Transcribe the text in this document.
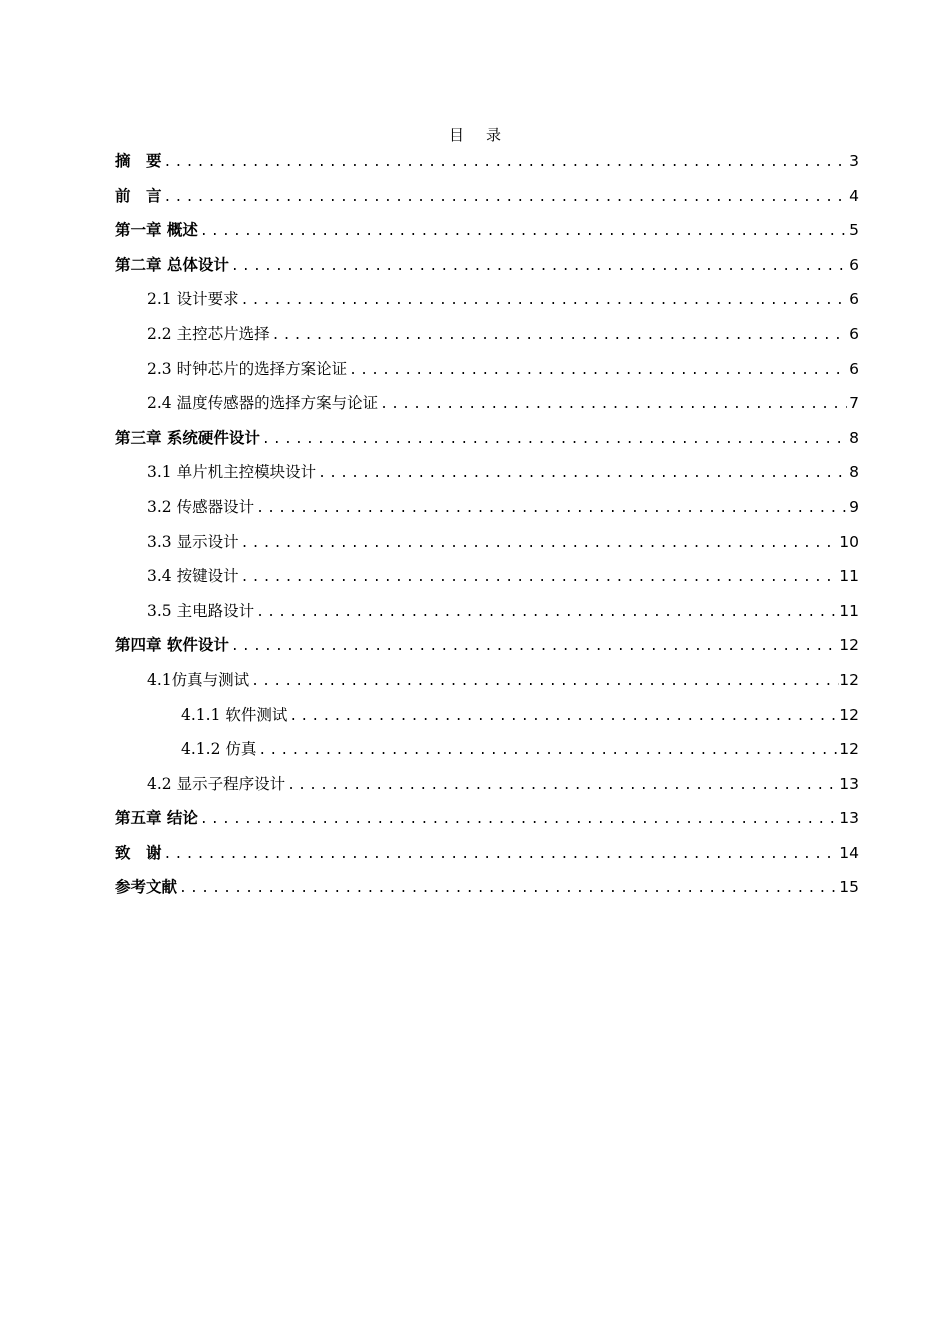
目 录
摘　要 .....	3
前　言 .....	4
第一章 概述 .....	5
第二章 总体设计 .....	6
2.1 设计要求 .....	6
2.2 主控芯片选择 .....	6
2.3 时钟芯片的选择方案论证 .....	6
2.4 温度传感器的选择方案与论证 .....	7
第三章 系统硬件设计 .....	8
3.1 单片机主控模块设计 .....	8
3.2 传感器设计 .....	9
3.3 显示设计 .....	10
3.4 按键设计 .....	11
3.5 主电路设计 .....	11
第四章 软件设计 .....	12
4.1仿真与测试 .....	12
4.1.1 软件测试 .....	12
4.1.2 仿真 .....	12
4.2 显示子程序设计 .....	13
第五章 结论 .....	13
致　谢 .....	14
参考文献 .....	15
